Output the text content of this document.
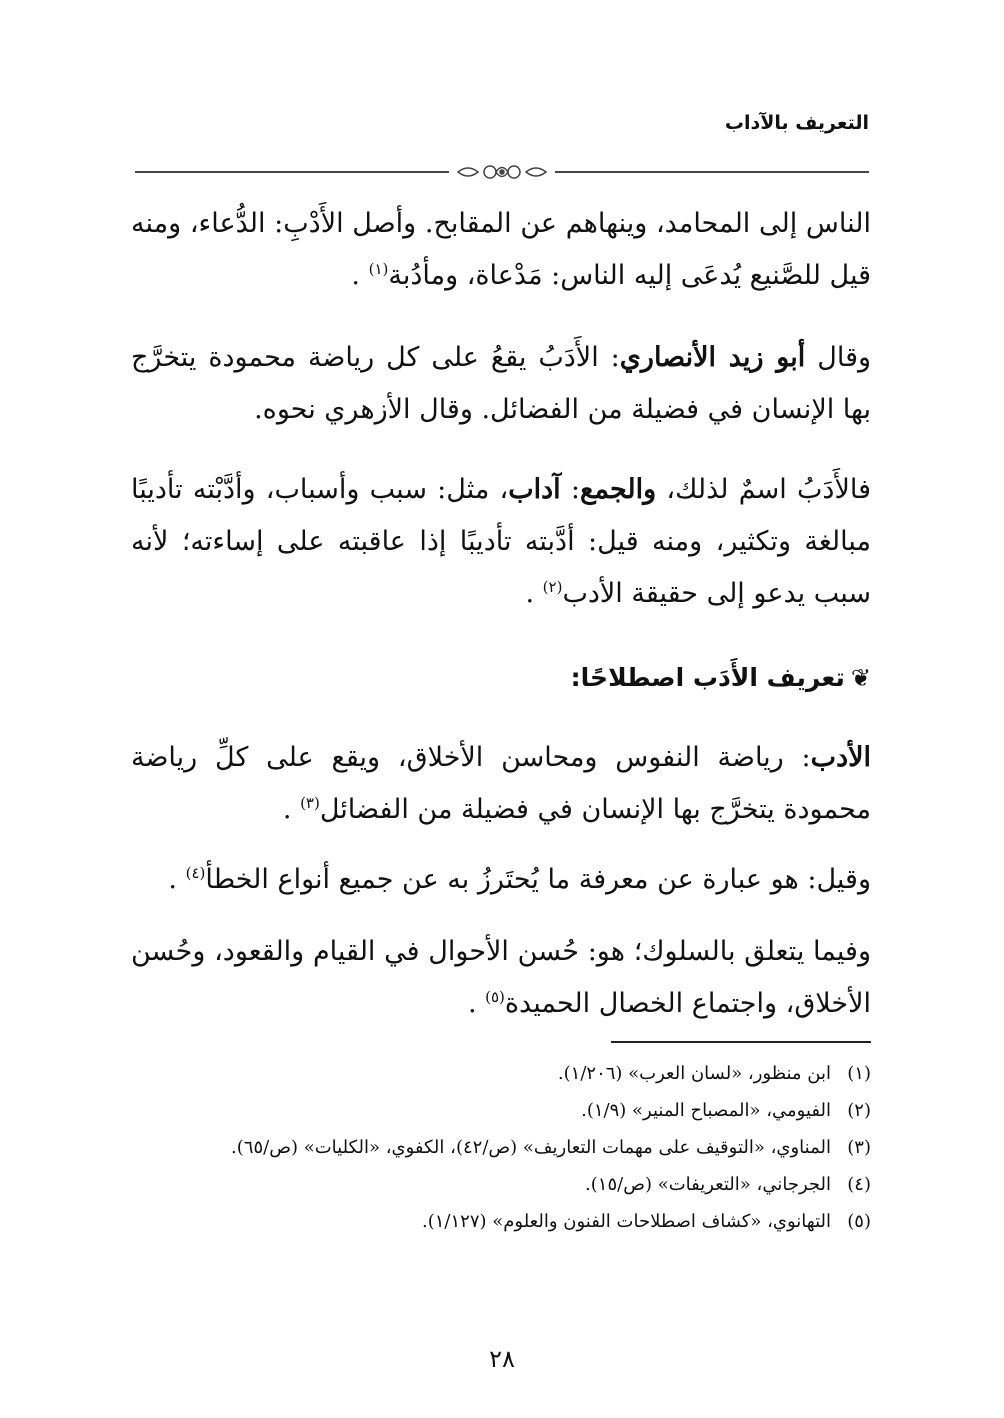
التعريف بالآداب
الناس إلى المحامد، وينهاهم عن المقابح. وأصل الأَدْبِ: الدُّعاء، ومنه قيل للصَّنيع يُدعَى إليه الناس: مَدْعاة، ومأدُبة$^{(١)}$ .
وقال أبو زيد الأنصاري: الأَدَبُ يقعُ على كل رياضة محمودة يتخرَّج بها الإنسان في فضيلة من الفضائل. وقال الأزهري نحوه.
فالأَدَبُ اسمٌ لذلك، والجمع: آداب، مثل: سبب وأسباب، وأدَّبْته تأديبًا مبالغة وتكثير، ومنه قيل: أدَّبته تأديبًا إذا عاقبته على إساءته؛ لأنه سبب يدعو إلى حقيقة الأدب$^{(٢)}$ .
❦تعريف الأَدَب اصطلاحًا:
الأدب: رياضة النفوس ومحاسن الأخلاق، ويقع على كلِّ رياضة محمودة يتخرَّج بها الإنسان في فضيلة من الفضائل$^{(٣)}$ .
وقيل: هو عبارة عن معرفة ما يُحتَرزُ به عن جميع أنواع الخطأ$^{(٤)}$ .
وفيما يتعلق بالسلوك؛ هو: حُسن الأحوال في القيام والقعود، وحُسن الأخلاق، واجتماع الخصال الحميدة$^{(٥)}$ .
(١)
ابن منظور، «لسان العرب» (١/٢٠٦).
(٢)
الفيومي، «المصباح المنير» (١/٩).
(٣)
المناوي، «التوقيف على مهمات التعاريف» (ص/٤٢)، الكفوي، «الكليات» (ص/٦٥).
(٤)
الجرجاني، «التعريفات» (ص/١٥).
(٥)
التهانوي، «كشاف اصطلاحات الفنون والعلوم» (١/١٢٧).
٢٨
